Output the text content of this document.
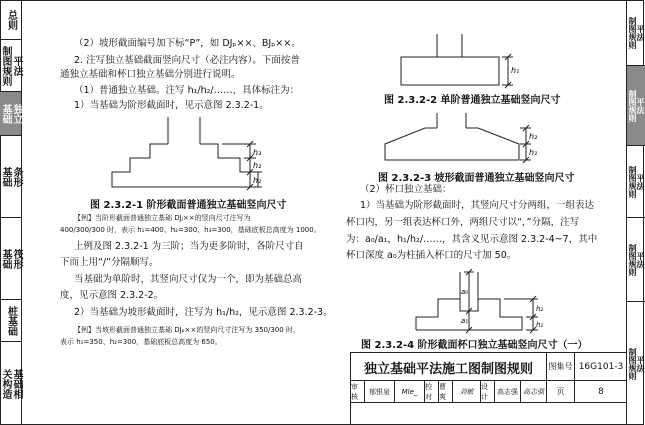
总则
平法
制图规则
独立
基础
条形
基础
筏形
基础
桩基础
基础相
关构造
平法
制图规则
平法
制图规则
平法
制图规则
平法
制图规则
平法
制图规则
（2）坡形截面编号加下标“P”，如 DJₚ××、BJₚ××。
2. 注写独立基础截面竖向尺寸（必注内容）。下面按普
通独立基础和杯口独立基础分别进行说明。
（1）普通独立基础。注写 h₁/h₂/……，具体标注为：
1）当基础为阶形截面时，见示意图 2.3.2-1。
h₃
h₂
h₁
图 2.3.2-1 阶形截面普通独立基础竖向尺寸
【例】当阶形截面普通独立基础 DJⱼ××的竖向尺寸注写为
400/300/300 时，表示 h₁=400、h₂=300、h₃=300，基础底板总高度为 1000。
上例及图 2.3.2-1 为三阶；当为更多阶时，各阶尺寸自
下而上用“/”分隔顺写。
当基础为单阶时，其竖向尺寸仅为一个，即为基础总高
度，见示意图 2.3.2-2。
2）当基础为坡形截面时，注写为 h₁/h₂，见示意图 2.3.2-3。
【例】当坡形截面普通独立基础 DJₚ××的竖向尺寸注写为 350/300 时，
表示 h₁=350、h₂=300，基础底板总高度为 650。
h₁
图 2.3.2-2 单阶普通独立基础竖向尺寸
h₂
h₁
图 2.3.2-3 坡形截面普通独立基础竖向尺寸
（2）杯口独立基础：
1）当基础为阶形截面时，其竖向尺寸分两组，一组表达
杯口内，另一组表达杯口外，两组尺寸以“，”分隔，注写
为：a₀/a₁，h₁/h₂/……，其含义见示意图 2.3.2-4~7，其中
杯口深度 a₀为柱插入杯口的尺寸加 50。
a₀
a₁
h₂
h₁
图 2.3.2-4 阶形截面杯口独立基础竖向尺寸（一）
独立基础平法施工图制图规则	图集号 16G101-3
审核
郁银泉	Mle_
校对
曹爽
刘敏
设计
高志强 高志强	页	8
